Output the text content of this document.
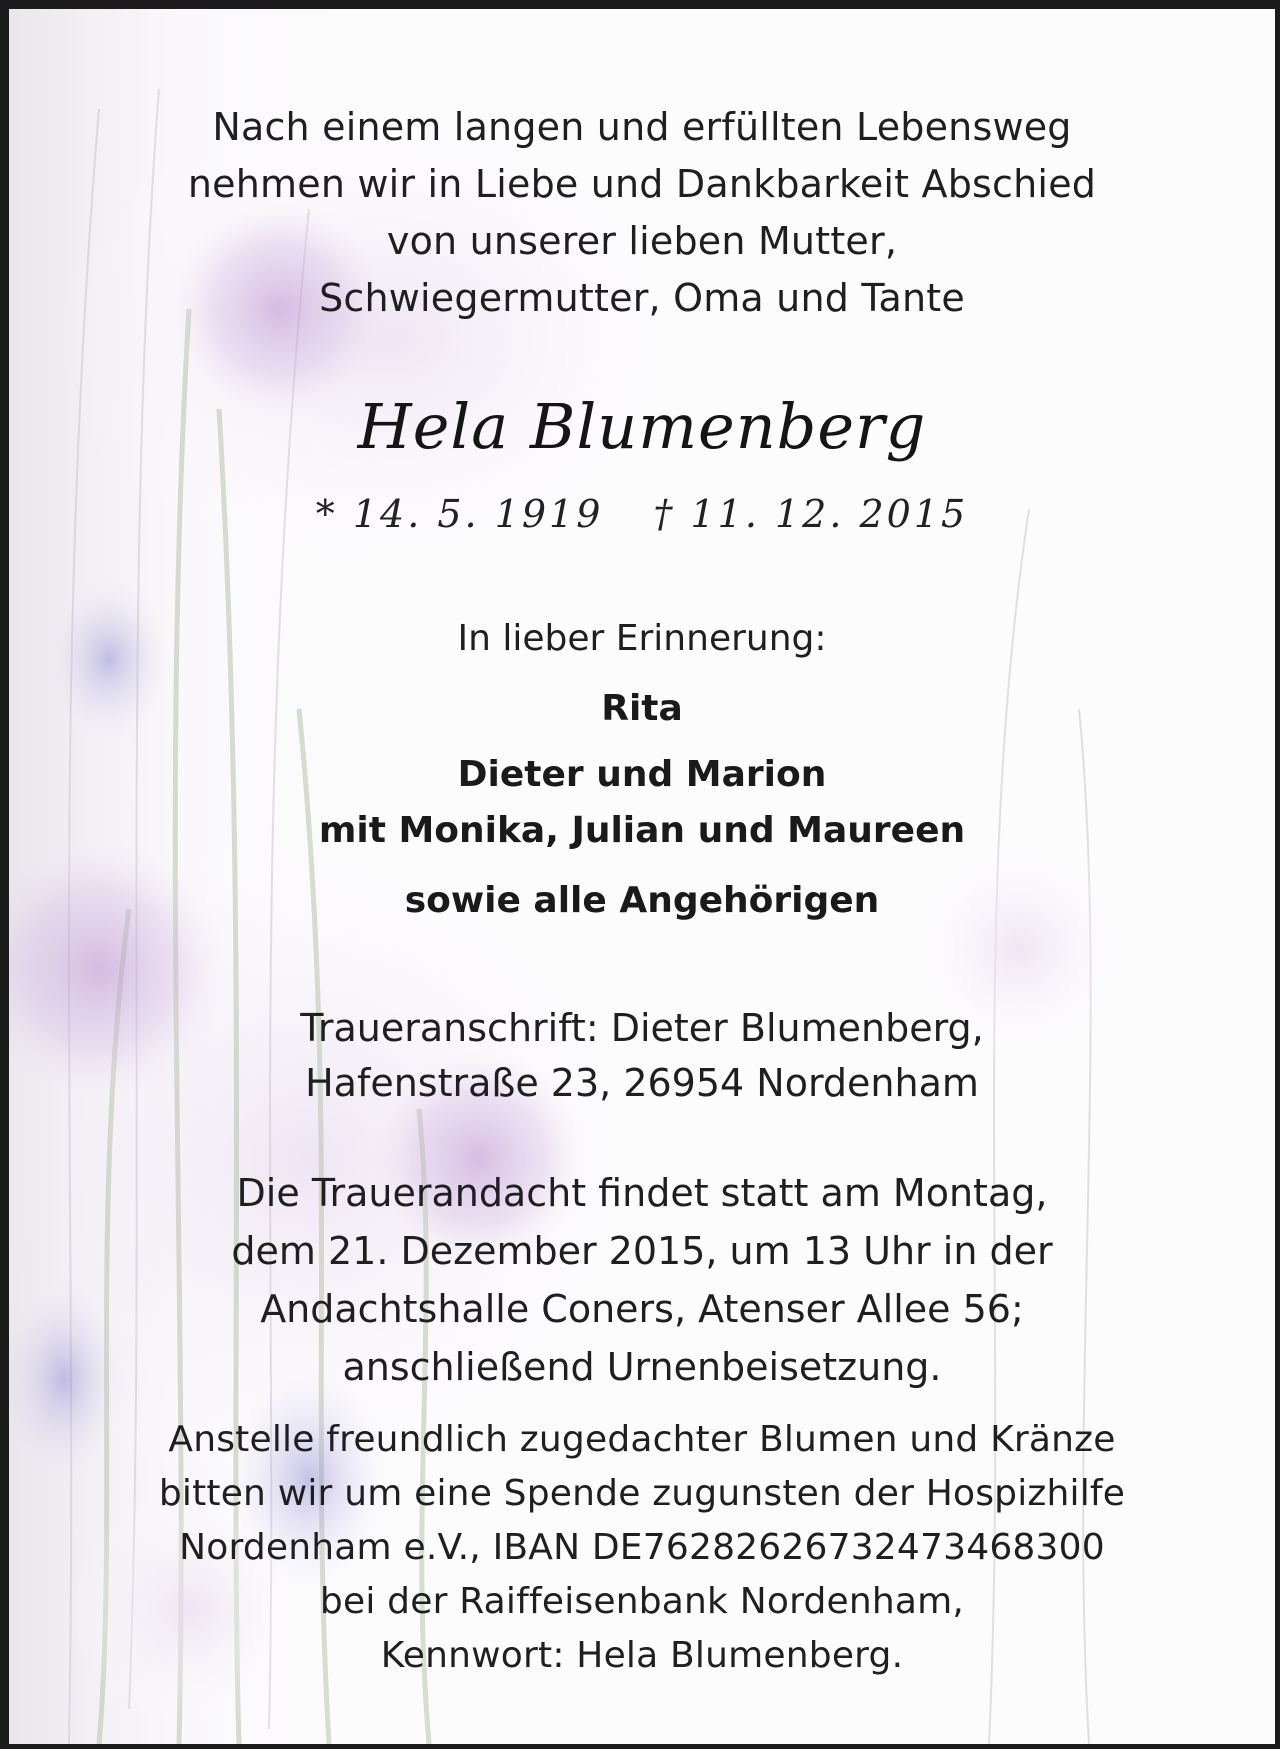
Nach einem langen und erfüllten Lebensweg
nehmen wir in Liebe und Dankbarkeit Abschied
von unserer lieben Mutter,
Schwiegermutter, Oma und Tante
Hela Blumenberg
* 14. 5. 1919 † 11. 12. 2015
In lieber Erinnerung:
Rita
Dieter und Marion
mit Monika, Julian und Maureen
sowie alle Angehörigen
Traueranschrift: Dieter Blumenberg,
Hafenstraße 23, 26954 Nordenham
Die Trauerandacht findet statt am Montag,
dem 21. Dezember 2015, um 13 Uhr in der
Andachtshalle Coners, Atenser Allee 56;
anschließend Urnenbeisetzung.
Anstelle freundlich zugedachter Blumen und Kränze
bitten wir um eine Spende zugunsten der Hospizhilfe
Nordenham e.V., IBAN DE76282626732473468300
bei der Raiffeisenbank Nordenham,
Kennwort: Hela Blumenberg.
